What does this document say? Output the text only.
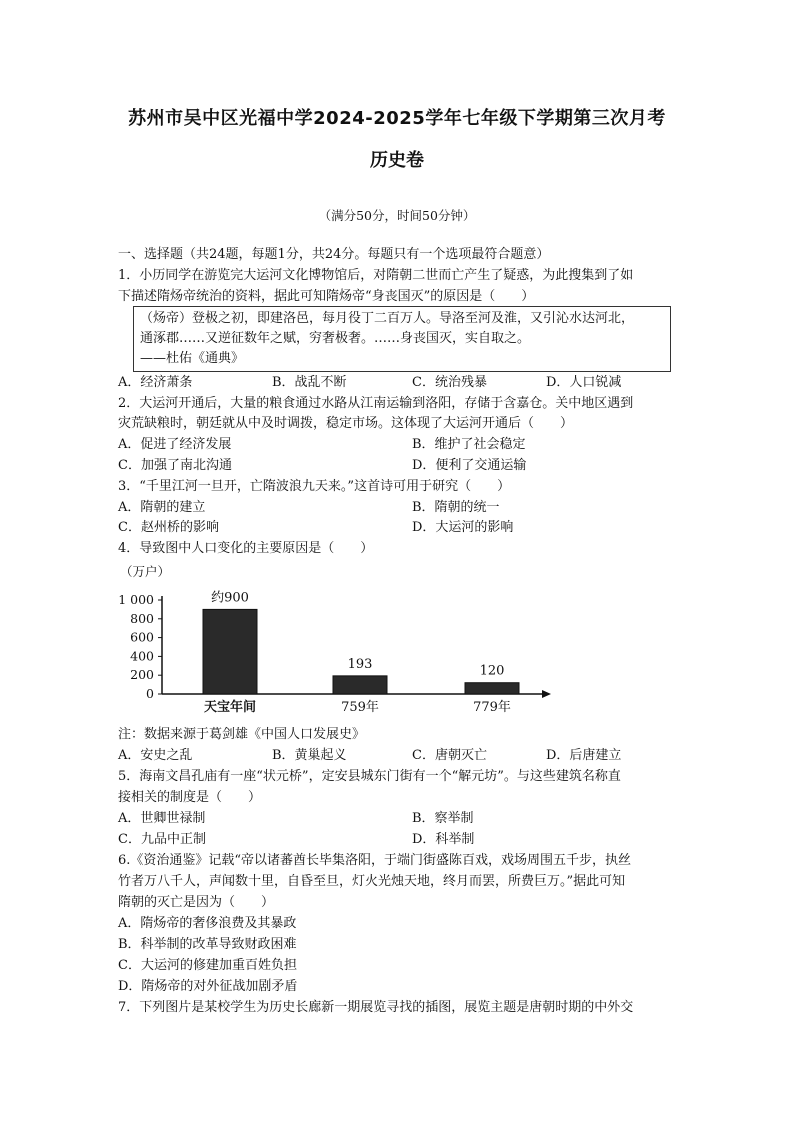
苏州市吴中区光福中学2024-2025学年七年级下学期第三次月考
历史卷
（满分50分，时间50分钟）
一、选择题（共24题，每题1分，共24分。每题只有一个选项最符合题意）
1．小历同学在游览完大运河文化博物馆后，对隋朝二世而亡产生了疑惑，为此搜集到了如
下描述隋炀帝统治的资料，据此可知隋炀帝“身丧国灭”的原因是（　　）
（炀帝）登极之初，即建洛邑，每月役丁二百万人。导洛至河及淮，又引沁水达河北，
通涿郡……又逆征数年之赋，穷奢极奢。……身丧国灭，实自取之。
——杜佑《通典》
A．经济萧条	B．战乱不断	C．统治残暴	D．人口锐减
2．大运河开通后，大量的粮食通过水路从江南运输到洛阳，存储于含嘉仓。关中地区遇到
灾荒缺粮时，朝廷就从中及时调拨，稳定市场。这体现了大运河开通后（　　）
A．促进了经济发展	B．维护了社会稳定
C．加强了南北沟通	D．便利了交通运输
3．“千里江河一旦开，亡隋波浪九天来。”这首诗可用于研究（　　）
A．隋朝的建立	B．隋朝的统一
C．赵州桥的影响	D．大运河的影响
4．导致图中人口变化的主要原因是（　　）
（万户）
1 000
800
600
400
200
0
约900
天宝年间
193
759年
120
779年
注：数据来源于葛剑雄《中国人口发展史》
A．安史之乱	B．黄巢起义	C．唐朝灭亡	D．后唐建立
5．海南文昌孔庙有一座“状元桥”，定安县城东门街有一个“解元坊”。与这些建筑名称直
接相关的制度是（　　）
A．世卿世禄制	B．察举制
C．九品中正制	D．科举制
6.《资治通鉴》记载“帝以诸蕃酋长毕集洛阳，于端门街盛陈百戏，戏场周围五千步，执丝
竹者万八千人，声闻数十里，自昏至旦，灯火光烛天地，终月而罢，所费巨万。”据此可知
隋朝的灭亡是因为（　　）
A．隋炀帝的奢侈浪费及其暴政
B．科举制的改革导致财政困难
C．大运河的修建加重百姓负担
D．隋炀帝的对外征战加剧矛盾
7．下列图片是某校学生为历史长廊新一期展览寻找的插图，展览主题是唐朝时期的中外交
